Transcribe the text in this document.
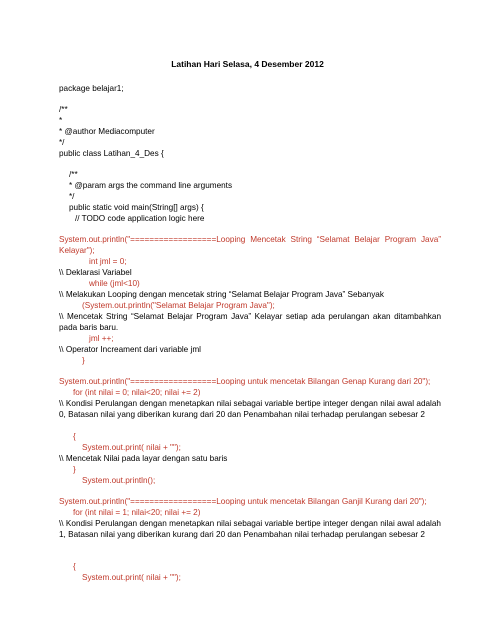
Latihan Hari Selasa, 4 Desember 2012
package belajar1;
/**
*
* @author Mediacomputer
*/
public class Latihan_4_Des {
/**
* @param args the command line arguments
*/
public static void main(String[] args) {
// TODO code application logic here
System.out.println("==================Looping Mencetak String “Selamat Belajar Program Java” Kelayar");
int jml = 0;
\\ Deklarasi Variabel
while (jml<10)
\\ Melakukan Looping dengan mencetak string “Selamat Belajar Program Java” Sebanyak
(System.out.println("Selamat Belajar Program Java");
\\ Mencetak String “Selamat Belajar Program Java” Kelayar setiap ada perulangan akan ditambahkan pada baris baru.
jml ++;
\\ Operator Increament dari variable jml
}
System.out.println("==================Looping untuk mencetak Bilangan Genap Kurang dari 20");
for (int nilai = 0; nilai<20; nilai += 2)
\\ Kondisi Perulangan dengan menetapkan nilai sebagai variable bertipe integer dengan nilai awal adalah 0, Batasan nilai yang diberikan kurang dari 20 dan Penambahan nilai terhadap perulangan sebesar 2
{
System.out.print( nilai + "");
\\ Mencetak Nilai pada layar dengan satu baris
}
System.out.println();
System.out.println("==================Looping untuk mencetak Bilangan Ganjil Kurang dari 20");
for (int nilai = 1; nilai<20; nilai += 2)
\\ Kondisi Perulangan dengan menetapkan nilai sebagai variable bertipe integer dengan nilai awal adalah 1, Batasan nilai yang diberikan kurang dari 20 dan Penambahan nilai terhadap perulangan sebesar 2
{
System.out.print( nilai + "");
